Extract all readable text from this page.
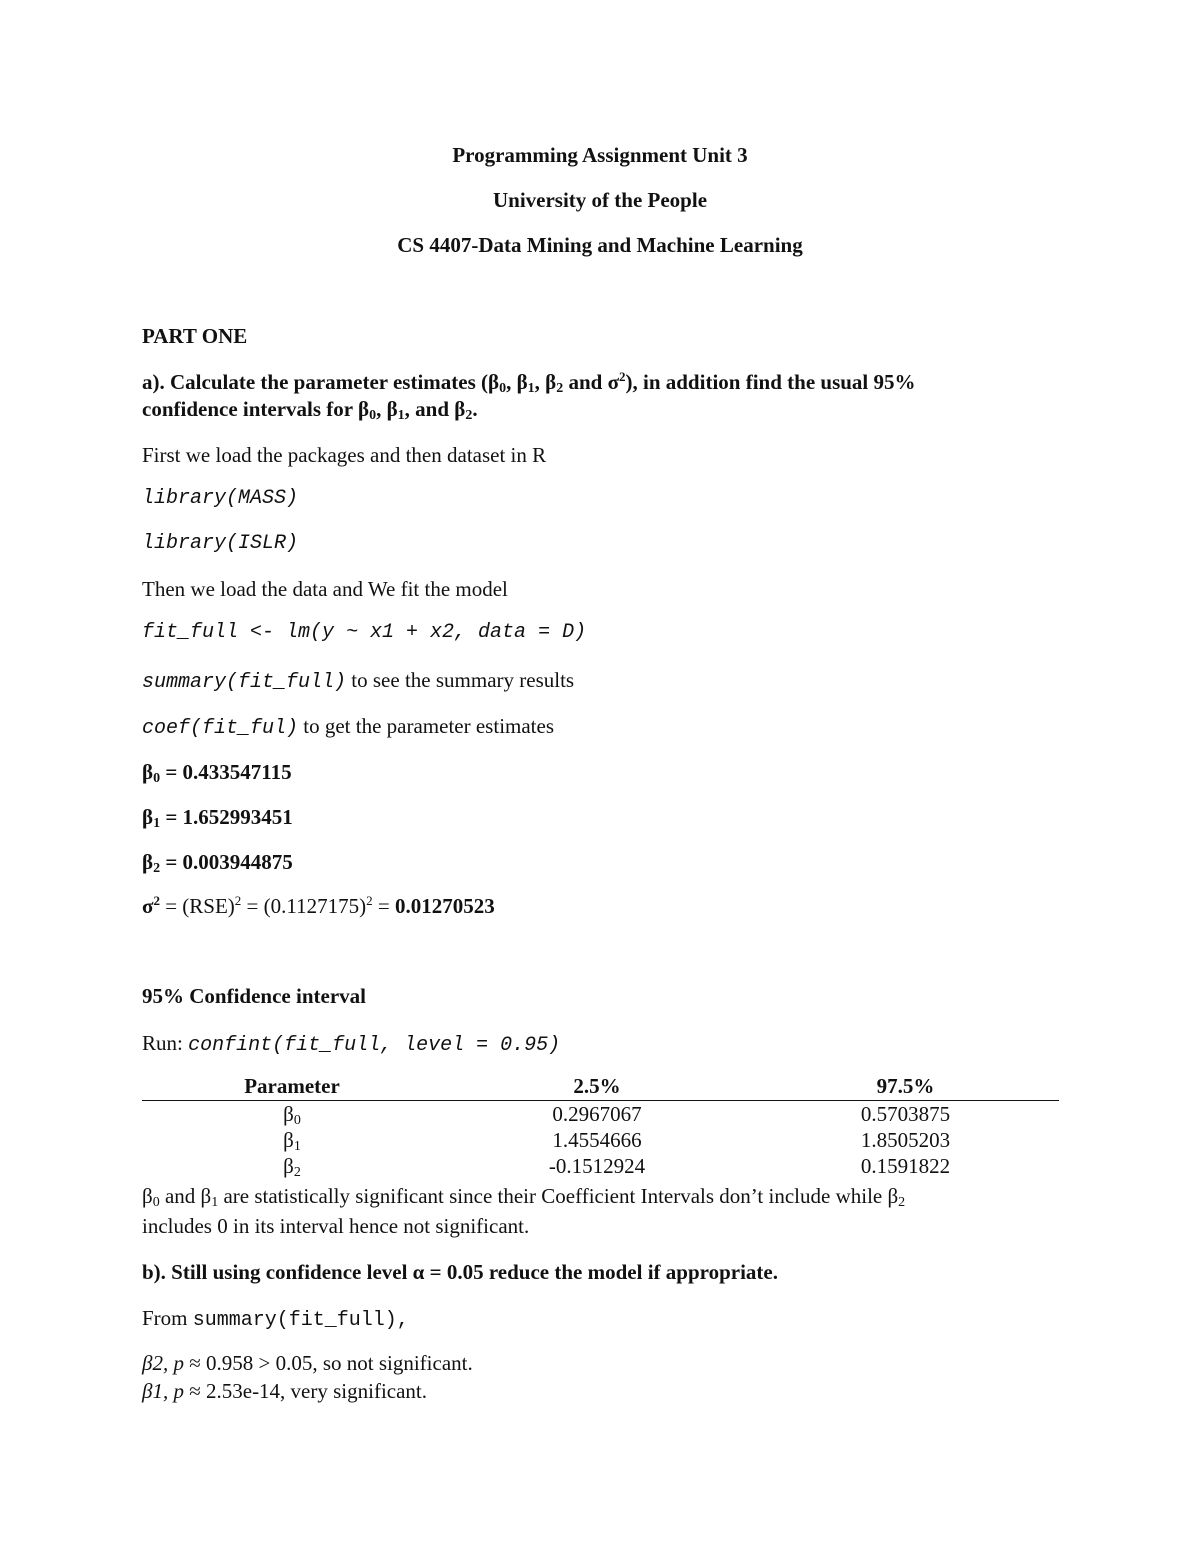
Programming Assignment Unit 3
University of the People
CS 4407-Data Mining and Machine Learning
PART ONE
a). Calculate the parameter estimates ($\beta_0$, $\beta_1$, $\beta_2$ and $\sigma^2$), in addition find the usual 95%
confidence intervals for $\beta_0$, $\beta_1$, and $\beta_2$.
First we load the packages and then dataset in R
library(MASS)
library(ISLR)
Then we load the data and We fit the model
fit_full <- lm(y ~ x1 + x2, data = D)
summary(fit_full) to see the summary results
coef(fit_ful) to get the parameter estimates
$\beta_0 = 0.433547115$
$\beta_1 = 1.652993451$
$\beta_2 = 0.003944875$
$\sigma^2 = (RSE)^2 = (0.1127175)^2 = 0.01270523$
95% Confidence interval
Run: confint(fit_full, level = 0.95)
Parameter	2.5%	97.5%
$\beta_0$	0.2967067	0.5703875
$\beta_1$	1.4554666	1.8505203
$\beta_2$	-0.1512924	0.1591822
$\beta_0$ and $\beta_1$ are statistically significant since their Coefficient Intervals don’t include while $\beta_2$
includes 0 in its interval hence not significant.
b). Still using confidence level α = 0.05 reduce the model if appropriate.
From summary(fit_full),
β2, p ≈ 0.958 > 0.05, so not significant.
β1, p ≈ 2.53e-14, very significant.
